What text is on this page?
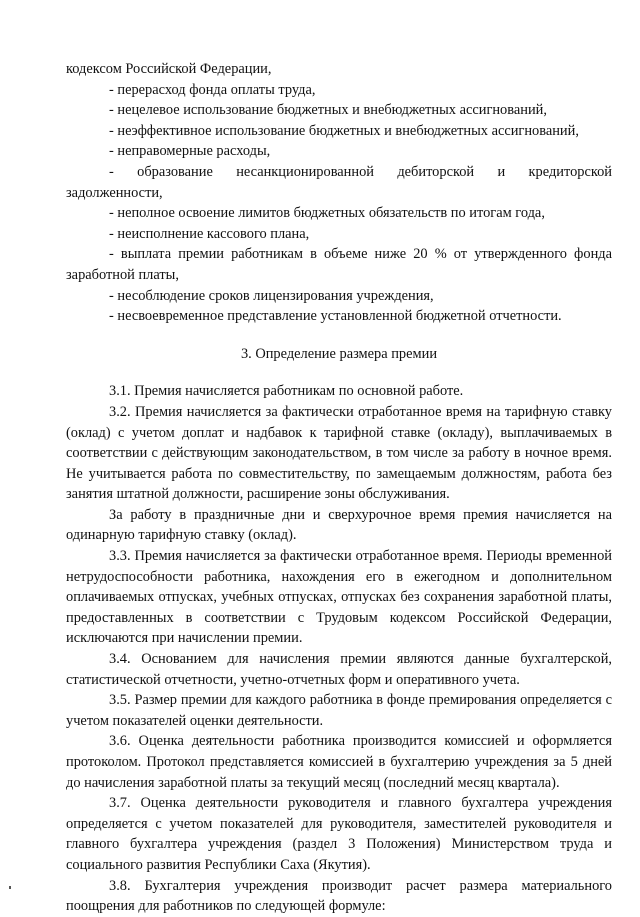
кодексом Российской Федерации,

- перерасход фонда оплаты труда,

- нецелевое использование бюджетных и внебюджетных ассигнований,

- неэффективное использование бюджетных и внебюджетных ассигнований,

- неправомерные расходы,

- образование несанкционированной дебиторской и кредиторской задолженности,

- неполное освоение лимитов бюджетных обязательств по итогам года,

- неисполнение кассового плана,

- выплата премии работникам в объеме ниже 20 % от утвержденного фонда заработной платы,

- несоблюдение сроков лицензирования учреждения,

- несвоевременное представление установленной бюджетной отчетности.

3. Определение размера премии

3.1. Премия начисляется работникам по основной работе.

3.2. Премия начисляется за фактически отработанное время на тарифную ставку (оклад) с учетом доплат и надбавок к тарифной ставке (окладу), выплачиваемых в соответствии с действующим законодательством, в том числе за работу в ночное время. Не учитывается работа по совместительству, по замещаемым должностям, работа без занятия штатной должности, расширение зоны обслуживания.

За работу в праздничные дни и сверхурочное время премия начисляется на одинарную тарифную ставку (оклад).

3.3. Премия начисляется за фактически отработанное время. Периоды временной нетрудоспособности работника, нахождения его в ежегодном и дополнительном оплачиваемых отпусках, учебных отпусках, отпусках без сохранения заработной платы, предоставленных в соответствии с Трудовым кодексом Российской Федерации, исключаются при начислении премии.

3.4. Основанием для начисления премии являются данные бухгалтерской, статистической отчетности, учетно-отчетных форм и оперативного учета.

3.5. Размер премии для каждого работника в фонде премирования определяется с учетом показателей оценки деятельности.

3.6. Оценка деятельности работника производится комиссией и оформляется протоколом. Протокол представляется комиссией в бухгалтерию учреждения за 5 дней до начисления заработной платы за текущий месяц (последний месяц квартала).

3.7. Оценка деятельности руководителя и главного бухгалтера учреждения определяется с учетом показателей для руководителя, заместителей руководителя и главного бухгалтера учреждения (раздел 3 Положения) Министерством труда и социального развития Республики Саха (Якутия).

3.8. Бухгалтерия учреждения производит расчет размера материального поощрения для работников по следующей формуле:
